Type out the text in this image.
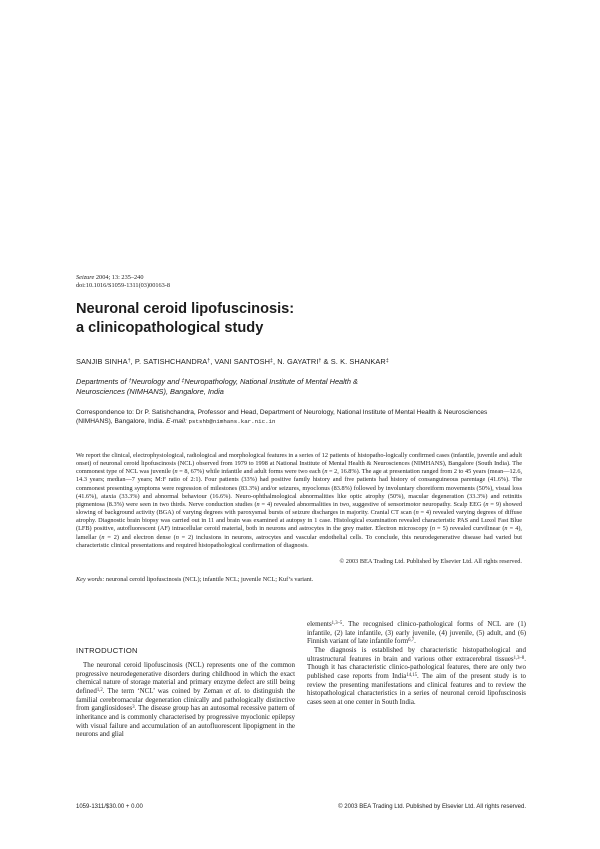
Seizure 2004; 13: 235–240
doi:10.1016/S1059-1311(03)00163-8
Neuronal ceroid lipofuscinosis:
a clinicopathological study
SANJIB SINHA†, P. SATISHCHANDRA†, VANI SANTOSH‡, N. GAYATRI† & S. K. SHANKAR‡
Departments of †Neurology and ‡Neuropathology, National Institute of Mental Health &
Neurosciences (NIMHANS), Bangalore, India
Correspondence to: Dr P. Satishchandra, Professor and Head, Department of Neurology, National Institute of Mental Health & Neurosciences (NIMHANS), Bangalore, India. E-mail: pstshb@nimhans.kar.nic.in
We report the clinical, electrophysiological, radiological and morphological features in a series of 12 patients of histopatho-logically confirmed cases (infantile, juvenile and adult onset) of neuronal ceroid lipofuscinosis (NCL) observed from 1979 to 1998 at National Institute of Mental Health & Neurosciences (NIMHANS), Bangalore (South India). The commonest type of NCL was juvenile (n = 8, 67%) while infantile and adult forms were two each (n = 2, 16.8%). The age at presentation ranged from 2 to 45 years (mean—12.6, 14.3 years; median—7 years; M:F ratio of 2:1). Four patients (33%) had positive family history and five patients had history of consanguineous parentage (41.6%). The commonest presenting symptoms were regression of milestones (83.3%) and/or seizures, myoclonus (83.8%) followed by involuntary choreiform movements (50%), visual loss (41.6%), ataxia (33.3%) and abnormal behaviour (16.6%). Neuro-ophthalmological abnormalities like optic atrophy (50%), macular degeneration (33.3%) and retinitis pigmentosa (8.3%) were seen in two thirds. Nerve conduction studies (n = 4) revealed abnormalities in two, suggestive of sensorimotor neuropathy. Scalp EEG (n = 9) showed slowing of background activity (BGA) of varying degrees with paroxysmal bursts of seizure discharges in majority. Cranial CT scan (n = 4) revealed varying degrees of diffuse atrophy. Diagnostic brain biopsy was carried out in 11 and brain was examined at autopsy in 1 case. Histological examination revealed characteristic PAS and Luxol Fast Blue (LFB) positive, autofluorescent (AF) intracellular ceroid material, both in neurons and astrocytes in the grey matter. Electron microscopy (n = 5) revealed curvilinear (n = 4), lamellar (n = 2) and electron dense (n = 2) inclusions in neurons, astrocytes and vascular endothelial cells. To conclude, this neurodegenerative disease had varied but characteristic clinical presentations and required histopathological confirmation of diagnosis.
© 2003 BEA Trading Ltd. Published by Elsevier Ltd. All rights reserved.
Key words: neuronal ceroid lipofuscinosis (NCL); infantile NCL; juvenile NCL; Kuf’s variant.
INTRODUCTION

The neuronal ceroid lipofuscinosis (NCL) represents one of the common progressive neurodegenerative disorders during childhood in which the exact chemical nature of storage material and primary enzyme defect are still being defined$^{1,2}$. The term ‘NCL’ was coined by Zeman et al. to distinguish the familial cerebromacular degeneration clinically and pathologically distinctive from gangliosidoses$^3$. The disease group has an autosomal recessive pattern of inheritance and is commonly characterised by progressive myoclonic epilepsy with visual failure and accumulation of an autofluorescent lipopigment in the neurons and glial

elements$^{1,3-5}$. The recognised clinico-pathological forms of NCL are (1) infantile, (2) late infantile, (3) early juvenile, (4) juvenile, (5) adult, and (6) Finnish variant of late infantile form$^{6,7}$.

The diagnosis is established by characteristic histopathological and ultrastructural features in brain and various other extracerebral tissues$^{1,3-8}$. Though it has characteristic clinico-pathological features, there are only two published case reports from India$^{14,15}$. The aim of the present study is to review the presenting manifestations and clinical features and to review the histopathological characteristics in a series of neuronal ceroid lipofuscinosis cases seen at one center in South India.

1059-1311/$30.00 + 0.00	© 2003 BEA Trading Ltd. Published by Elsevier Ltd. All rights reserved.
